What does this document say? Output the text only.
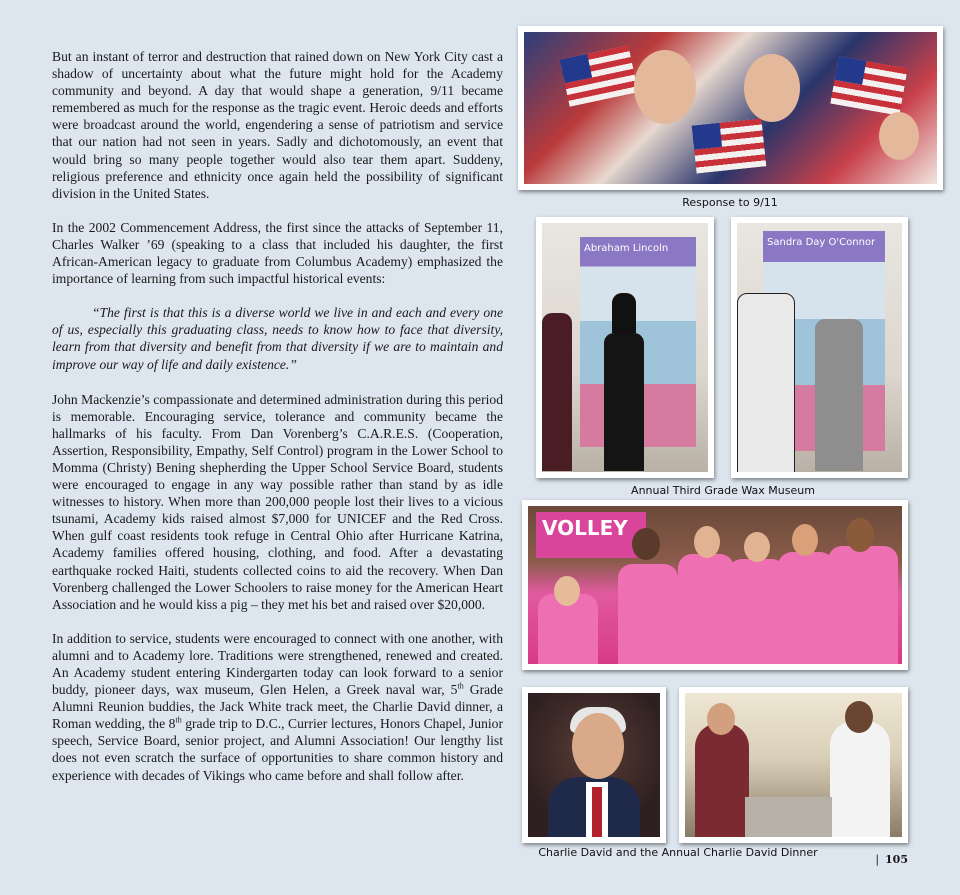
But an instant of terror and destruction that rained down on New York City cast a shadow of uncertainty about what the future might hold for the Academy community and beyond. A day that would shape a generation, 9/11 became remembered as much for the response as the tragic event. Heroic deeds and efforts were broadcast around the world, engendering a sense of patriotism and service that our nation had not seen in years. Sadly and dichotomously, an event that would bring so many people together would also tear them apart. Suddeny, religious preference and ethnicity once again held the possibility of significant division in the United States.

In the 2002 Commencement Address, the first since the attacks of September 11, Charles Walker ’69 (speaking to a class that included his daughter, the first African-American legacy to graduate from Columbus Academy) emphasized the importance of learning from such impactful historical events:

“The first is that this is a diverse world we live in and each and every one of us, especially this graduating class, needs to know how to face that diversity, learn from that diversity and benefit from that diversity if we are to maintain and improve our way of life and daily existence.”

John Mackenzie’s compassionate and determined administration during this period is memorable. Encouraging service, tolerance and community became the hallmarks of his faculty. From Dan Vorenberg’s C.A.R.E.S. (Cooperation, Assertion, Responsibility, Empathy, Self Control) program in the Lower School to Momma (Christy) Bening shepherding the Upper School Service Board, students were encouraged to engage in any way possible rather than stand by as idle witnesses to history. When more than 200,000 people lost their lives to a vicious tsunami, Academy kids raised almost $7,000 for UNICEF and the Red Cross. When gulf coast residents took refuge in Central Ohio after Hurricane Katrina, Academy families offered housing, clothing, and food. After a devastating earthquake rocked Haiti, students collected coins to aid the recovery. When Dan Vorenberg challenged the Lower Schoolers to raise money for the American Heart Association and he would kiss a pig – they met his bet and raised over $20,000.

In addition to service, students were encouraged to connect with one another, with alumni and to Academy lore. Traditions were strengthened, renewed and created. An Academy student entering Kindergarten today can look forward to a senior buddy, pioneer days, wax museum, Glen Helen, a Greek naval war, 5th Grade Alumni Reunion buddies, the Jack White track meet, the Charlie David dinner, a Roman wedding, the 8th grade trip to D.C., Currier lectures, Honors Chapel, Junior speech, Service Board, senior project, and Alumni Association! Our lengthy list does not even scratch the surface of opportunities to share common history and experience with decades of Vikings who came before and shall follow after.

Response to 9/11
Abraham Lincoln
Sandra Day O'Connor
Annual Third Grade Wax Museum
VOLLEY
Charlie David and the Annual Charlie David Dinner
| 105
